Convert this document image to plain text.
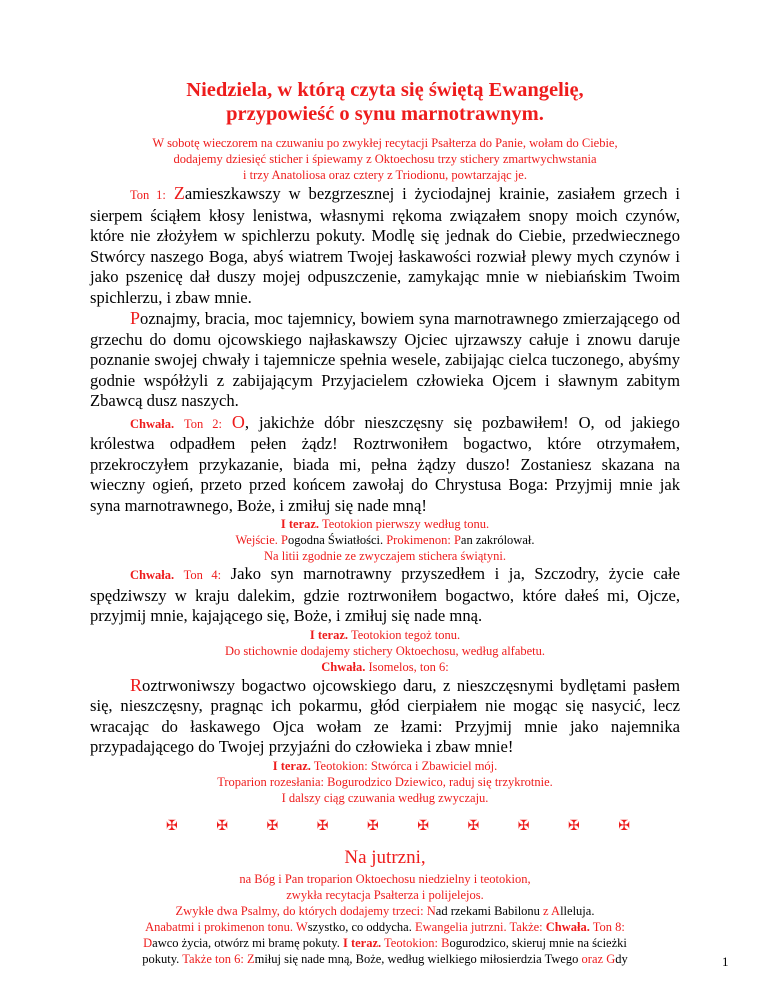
Niedziela, w którą czyta się świętą Ewangelię,
przypowieść o synu marnotrawnym.
W sobotę wieczorem na czuwaniu po zwykłej recytacji Psałterza do Panie, wołam do Ciebie,
dodajemy dziesięć sticher i śpiewamy z Oktoechosu trzy stichery zmartwychwstania
i trzy Anatoliosa oraz cztery z Triodionu, powtarzając je.

Ton 1: Zamieszkawszy w bezgrzesznej i życiodajnej krainie, zasiałem grzech i sierpem ściąłem kłosy lenistwa, własnymi rękoma związałem snopy moich czynów, które nie złożyłem w spichlerzu pokuty. Modlę się jednak do Ciebie, przedwiecznego Stwórcy naszego Boga, abyś wiatrem Twojej łaskawości rozwiał plewy mych czynów i jako pszenicę dał duszy mojej odpuszczenie, zamykając mnie w niebiańskim Twoim spichlerzu, i zbaw mnie.

Poznajmy, bracia, moc tajemnicy, bowiem syna marnotrawnego zmierzającego od grzechu do domu ojcowskiego najłaskawszy Ojciec ujrzawszy całuje i znowu daruje poznanie swojej chwały i tajemnicze spełnia wesele, zabijając cielca tuczonego, abyśmy godnie współżyli z zabijającym Przyjacielem człowieka Ojcem i sławnym zabitym Zbawcą dusz naszych.

Chwała. Ton 2: O, jakichże dóbr nieszczęsny się pozbawiłem! O, od jakiego królestwa odpadłem pełen żądz! Roztrwoniłem bogactwo, które otrzymałem, przekroczyłem przykazanie, biada mi, pełna żądzy duszo! Zostaniesz skazana na wieczny ogień, przeto przed końcem zawołaj do Chrystusa Boga: Przyjmij mnie jak syna marnotrawnego, Boże, i zmiłuj się nade mną!

I teraz. Teotokion pierwszy według tonu.
Wejście. Pogodna Światłości. Prokimenon: Pan zakrólował.
Na litii zgodnie ze zwyczajem stichera świątyni.

Chwała. Ton 4: Jako syn marnotrawny przyszedłem i ja, Szczodry, życie całe spędziwszy w kraju dalekim, gdzie roztrwoniłem bogactwo, które dałeś mi, Ojcze, przyjmij mnie, kajającego się, Boże, i zmiłuj się nade mną.

I teraz. Teotokion tegoż tonu.
Do stichownie dodajemy stichery Oktoechosu, według alfabetu.
Chwała. Isomelos, ton 6:

Roztrwoniwszy bogactwo ojcowskiego daru, z nieszczęsnymi bydlętami pasłem się, nieszczęsny, pragnąc ich pokarmu, głód cierpiałem nie mogąc się nasycić, lecz wracając do łaskawego Ojca wołam ze łzami: Przyjmij mnie jako najemnika przypadającego do Twojej przyjaźni do człowieka i zbaw mnie!

I teraz. Teotokion: Stwórca i Zbawiciel mój.
Troparion rozesłania: Bogurodzico Dziewico, raduj się trzykrotnie.
I dalszy ciąg czuwania według zwyczaju.
✠	✠	✠	✠	✠	✠	✠	✠	✠	✠
Na jutrzni,
na Bóg i Pan troparion Oktoechosu niedzielny i teotokion,
zwykła recytacja Psałterza i polijelejos.
Zwykłe dwa Psalmy, do których dodajemy trzeci: Nad rzekami Babilonu z Alleluja.
Anabatmi i prokimenon tonu. Wszystko, co oddycha. Ewangelia jutrzni. Także: Chwała. Ton 8:
Dawco życia, otwórz mi bramę pokuty. I teraz. Teotokion: Bogurodzico, skieruj mnie na ścieżki
pokuty. Także ton 6: Zmiłuj się nade mną, Boże, według wielkiego miłosierdzia Twego oraz Gdy	1
